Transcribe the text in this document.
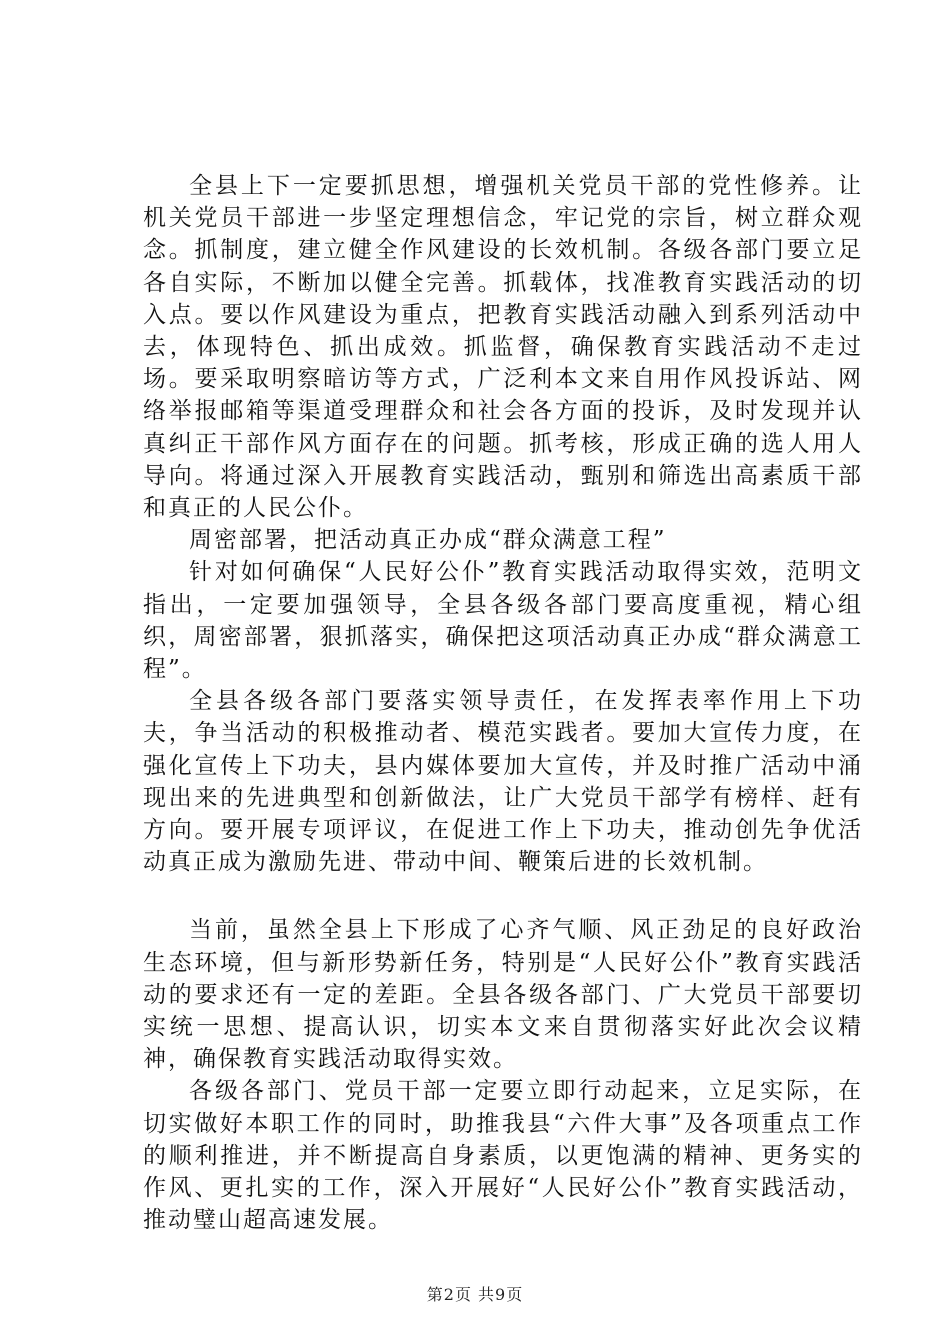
全县上下一定要抓思想，增强机关党员干部的党性修养。让机关党员干部进一步坚定理想信念，牢记党的宗旨，树立群众观念。抓制度，建立健全作风建设的长效机制。各级各部门要立足各自实际，不断加以健全完善。抓载体，找准教育实践活动的切入点。要以作风建设为重点，把教育实践活动融入到系列活动中去，体现特色、抓出成效。抓监督，确保教育实践活动不走过场。要采取明察暗访等方式，广泛利本文来自用作风投诉站、网络举报邮箱等渠道受理群众和社会各方面的投诉，及时发现并认真纠正干部作风方面存在的问题。抓考核，形成正确的选人用人导向。将通过深入开展教育实践活动，甄别和筛选出高素质干部和真正的人民公仆。

周密部署，把活动真正办成“群众满意工程”

针对如何确保“人民好公仆”教育实践活动取得实效，范明文指出，一定要加强领导，全县各级各部门要高度重视，精心组织，周密部署，狠抓落实，确保把这项活动真正办成“群众满意工程”。

全县各级各部门要落实领导责任，在发挥表率作用上下功夫，争当活动的积极推动者、模范实践者。要加大宣传力度，在强化宣传上下功夫，县内媒体要加大宣传，并及时推广活动中涌现出来的先进典型和创新做法，让广大党员干部学有榜样、赶有方向。要开展专项评议，在促进工作上下功夫，推动创先争优活动真正成为激励先进、带动中间、鞭策后进的长效机制。

当前，虽然全县上下形成了心齐气顺、风正劲足的良好政治生态环境，但与新形势新任务，特别是“人民好公仆”教育实践活动的要求还有一定的差距。全县各级各部门、广大党员干部要切实统一思想、提高认识，切实本文来自贯彻落实好此次会议精神，确保教育实践活动取得实效。

各级各部门、党员干部一定要立即行动起来，立足实际，在切实做好本职工作的同时，助推我县“六件大事”及各项重点工作的顺利推进，并不断提高自身素质，以更饱满的精神、更务实的作风、更扎实的工作，深入开展好“人民好公仆”教育实践活动，推动璧山超高速发展。

第2页 共9页
